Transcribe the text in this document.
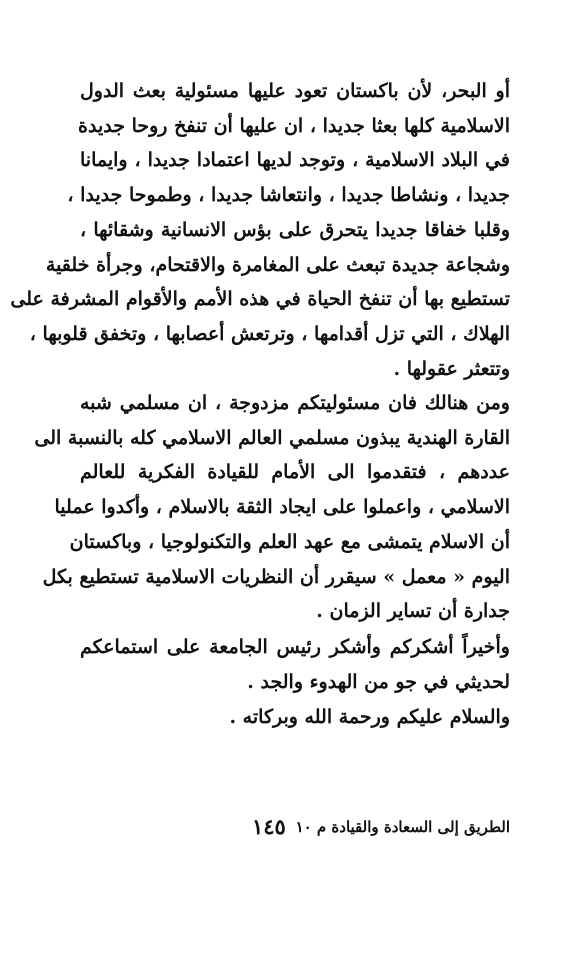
أو البحر، لأن باكستان تعود عليها مسئولية بعث الدول
الاسلامية كلها بعثا جديدا ، ان عليها أن تنفخ روحا جديدة
في البلاد الاسلامية ، وتوجد لديها اعتمادا جديدا ، وايمانا
جديدا ، ونشاطا جديدا ، وانتعاشا جديدا ، وطموحا جديدا ،
وقلبا خفاقا جديدا يتحرق على بؤس الانسانية وشقائها ،
وشجاعة جديدة تبعث على المغامرة والاقتحام، وجرأة خلقية
تستطيع بها أن تنفخ الحياة في هذه الأمم والأقوام المشرفة على
الهلاك ، التي تزل أقدامها ، وترتعش أعصابها ، وتخفق قلوبها ،
وتتعثر عقولها .
ومن هنالك فان مسئوليتكم مزدوجة ، ان مسلمي شبه
القارة الهندية يبذون مسلمي العالم الاسلامي كله بالنسبة الى
عددهم ، فتقدموا الى الأمام للقيادة الفكرية للعالم
الاسلامي ، واعملوا على ايجاد الثقة بالاسلام ، وأكدوا عمليا
أن الاسلام يتمشى مع عهد العلم والتكنولوجيا ، وباكستان
اليوم « معمل » سيقرر أن النظريات الاسلامية تستطيع بكل
جدارة أن تساير الزمان .
وأخيراً أشكركم وأشكر رئيس الجامعة على استماعكم
لحديثي في جو من الهدوء والجد .
والسلام عليكم ورحمة الله وبركاته .
الطريق إلى السعادة والقيادة م ١٠
١٤٥
